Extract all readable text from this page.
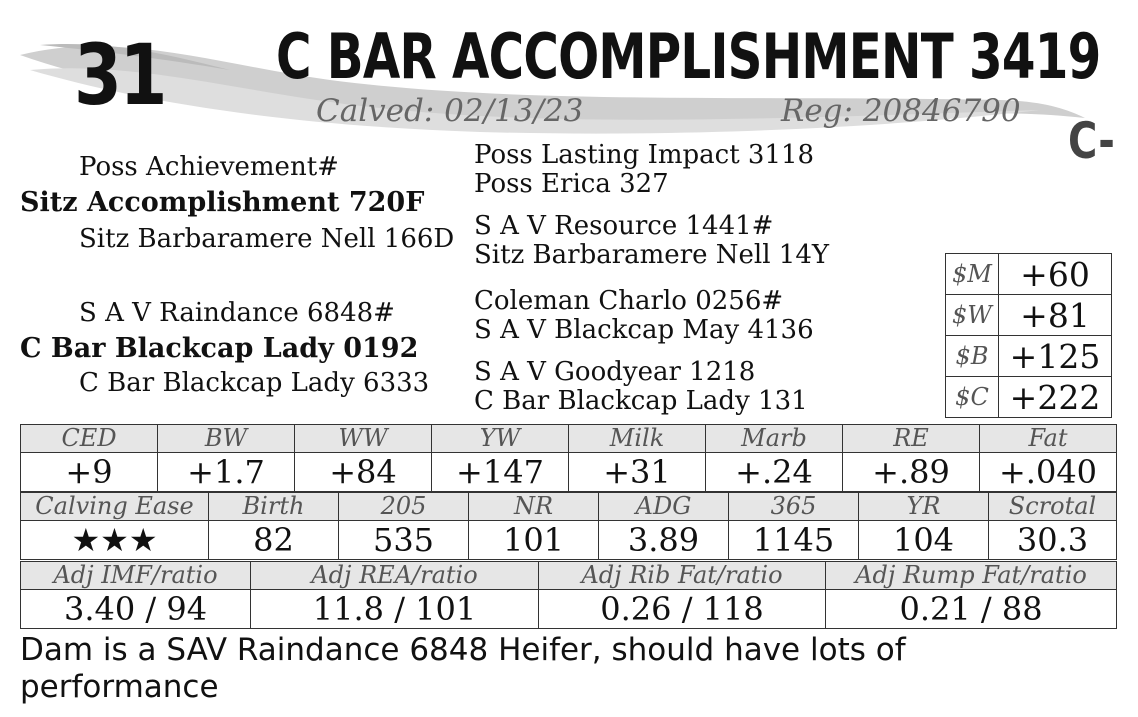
31 C BAR ACCOMPLISHMENT 3419
Calved: 02/13/23	Reg: 20846790
C-
Poss Achievement#
Sitz Accomplishment 720F
Sitz Barbaramere Nell 166D
S A V Raindance 6848#
C Bar Blackcap Lady 0192
C Bar Blackcap Lady 6333
Poss Lasting Impact 3118
Poss Erica 327
S A V Resource 1441#
Sitz Barbaramere Nell 14Y
Coleman Charlo 0256#
S A V Blackcap May 4136
S A V Goodyear 1218
C Bar Blackcap Lady 131
$M	+60
$W	+81
$B	+125
$C	+222
CED	BW	WW	YW	Milk	Marb	RE	Fat
+9	+1.7	+84	+147	+31	+.24	+.89	+.040
Calving Ease	Birth	205	NR	ADG	365	YR	Scrotal
★★★	82	535	101	3.89	1145	104	30.3
Adj IMF/ratio	Adj REA/ratio	Adj Rib Fat/ratio	Adj Rump Fat/ratio
3.40 / 94	11.8 / 101	0.26 / 118	0.21 / 88
Dam is a SAV Raindance 6848 Heifer, should have lots of performance
